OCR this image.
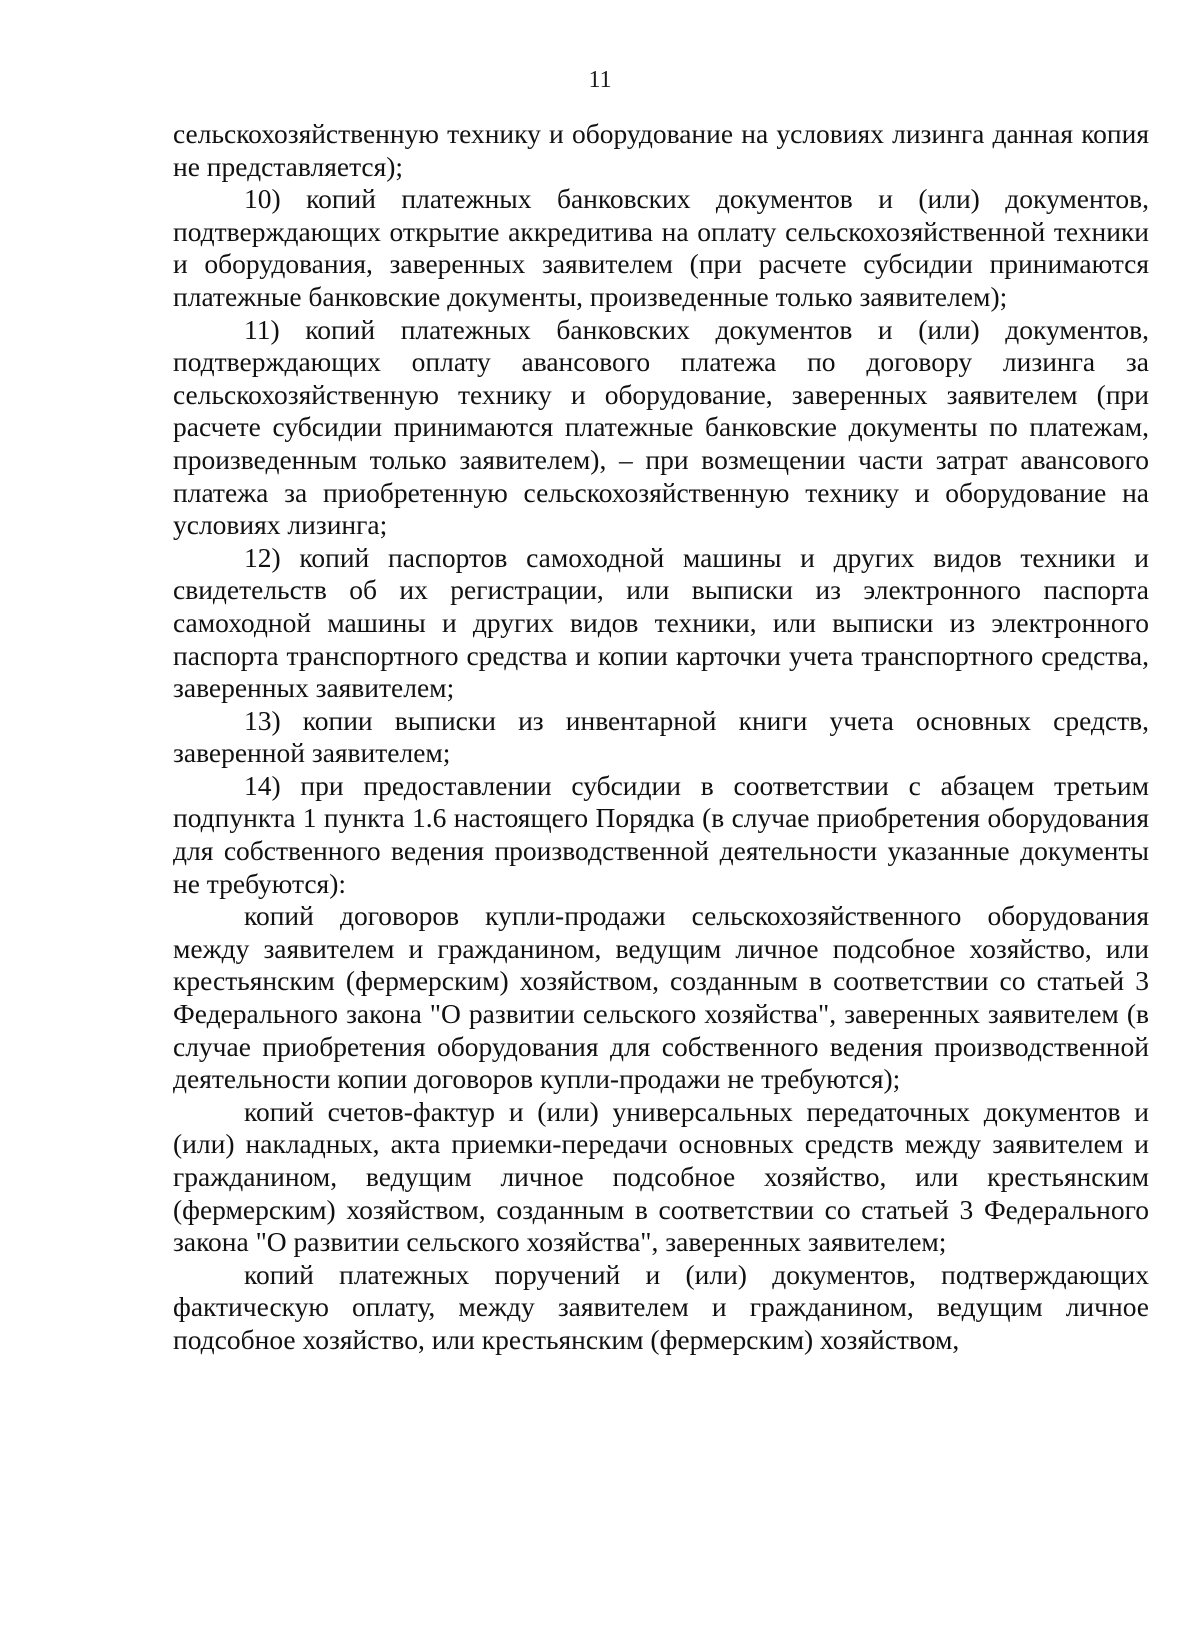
11

сельскохозяйственную технику и оборудование на условиях лизинга данная копия не представляется);

10) копий платежных банковских документов и (или) документов, подтверждающих открытие аккредитива на оплату сельскохозяйственной техники и оборудования, заверенных заявителем (при расчете субсидии принимаются платежные банковские документы, произведенные только заявителем);

11) копий платежных банковских документов и (или) документов, подтверждающих оплату авансового платежа по договору лизинга за сельскохозяйственную технику и оборудование, заверенных заявителем (при расчете субсидии принимаются платежные банковские документы по платежам, произведенным только заявителем), – при возмещении части затрат авансового платежа за приобретенную сельскохозяйственную технику и оборудование на условиях лизинга;

12) копий паспортов самоходной машины и других видов техники и свидетельств об их регистрации, или выписки из электронного паспорта самоходной машины и других видов техники, или выписки из электронного паспорта транспортного средства и копии карточки учета транспортного средства, заверенных заявителем;

13) копии выписки из инвентарной книги учета основных средств, заверенной заявителем;

14) при предоставлении субсидии в соответствии с абзацем третьим подпункта 1 пункта 1.6 настоящего Порядка (в случае приобретения оборудования для собственного ведения производственной деятельности указанные документы не требуются):

копий договоров купли-продажи сельскохозяйственного оборудования между заявителем и гражданином, ведущим личное подсобное хозяйство, или крестьянским (фермерским) хозяйством, созданным в соответствии со статьей 3 Федерального закона "О развитии сельского хозяйства", заверенных заявителем (в случае приобретения оборудования для собственного ведения производственной деятельности копии договоров купли-продажи не требуются);

копий счетов-фактур и (или) универсальных передаточных документов и (или) накладных, акта приемки-передачи основных средств между заявителем и гражданином, ведущим личное подсобное хозяйство, или крестьянским (фермерским) хозяйством, созданным в соответствии со статьей 3 Федерального закона "О развитии сельского хозяйства", заверенных заявителем;

копий платежных поручений и (или) документов, подтверждающих фактическую оплату, между заявителем и гражданином, ведущим личное подсобное хозяйство, или крестьянским (фермерским) хозяйством,
